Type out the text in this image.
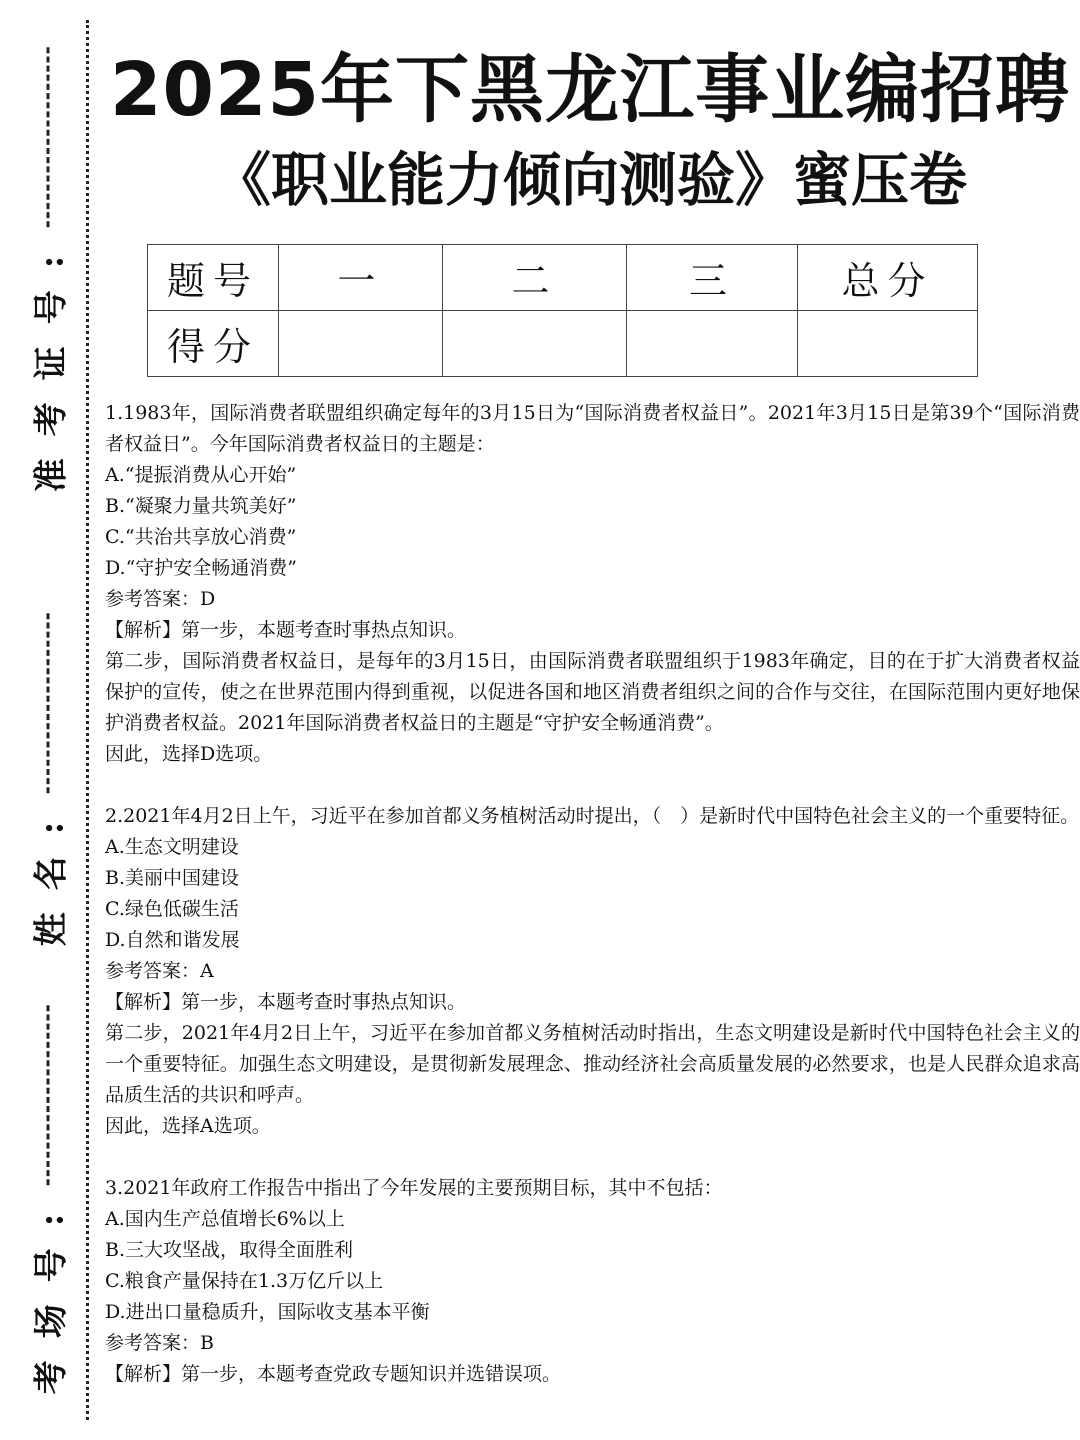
准考证号:
姓名:
考场号:
2025年下黑龙江事业编招聘
《职业能力倾向测验》蜜压卷
题号	一	二	三	总分
得分				
1.1983年，国际消费者联盟组织确定每年的3月15日为“国际消费者权益日”。2021年3月15日是第39个“国际消费者权益日”。今年国际消费者权益日的主题是：
A.“提振消费从心开始”
B.“凝聚力量共筑美好”
C.“共治共享放心消费”
D.“守护安全畅通消费”
参考答案：D
【解析】第一步，本题考查时事热点知识。
第二步，国际消费者权益日，是每年的3月15日，由国际消费者联盟组织于1983年确定，目的在于扩大消费者权益保护的宣传，使之在世界范围内得到重视，以促进各国和地区消费者组织之间的合作与交往，在国际范围内更好地保护消费者权益。2021年国际消费者权益日的主题是“守护安全畅通消费”。
因此，选择D选项。
2.2021年4月2日上午，习近平在参加首都义务植树活动时提出，（　）是新时代中国特色社会主义的一个重要特征。
A.生态文明建设
B.美丽中国建设
C.绿色低碳生活
D.自然和谐发展
参考答案：A
【解析】第一步，本题考查时事热点知识。
第二步，2021年4月2日上午，习近平在参加首都义务植树活动时指出，生态文明建设是新时代中国特色社会主义的一个重要特征。加强生态文明建设，是贯彻新发展理念、推动经济社会高质量发展的必然要求，也是人民群众追求高品质生活的共识和呼声。
因此，选择A选项。
3.2021年政府工作报告中指出了今年发展的主要预期目标，其中不包括：
A.国内生产总值增长6%以上
B.三大攻坚战，取得全面胜利
C.粮食产量保持在1.3万亿斤以上
D.进出口量稳质升，国际收支基本平衡
参考答案：B
【解析】第一步，本题考查党政专题知识并选错误项。
